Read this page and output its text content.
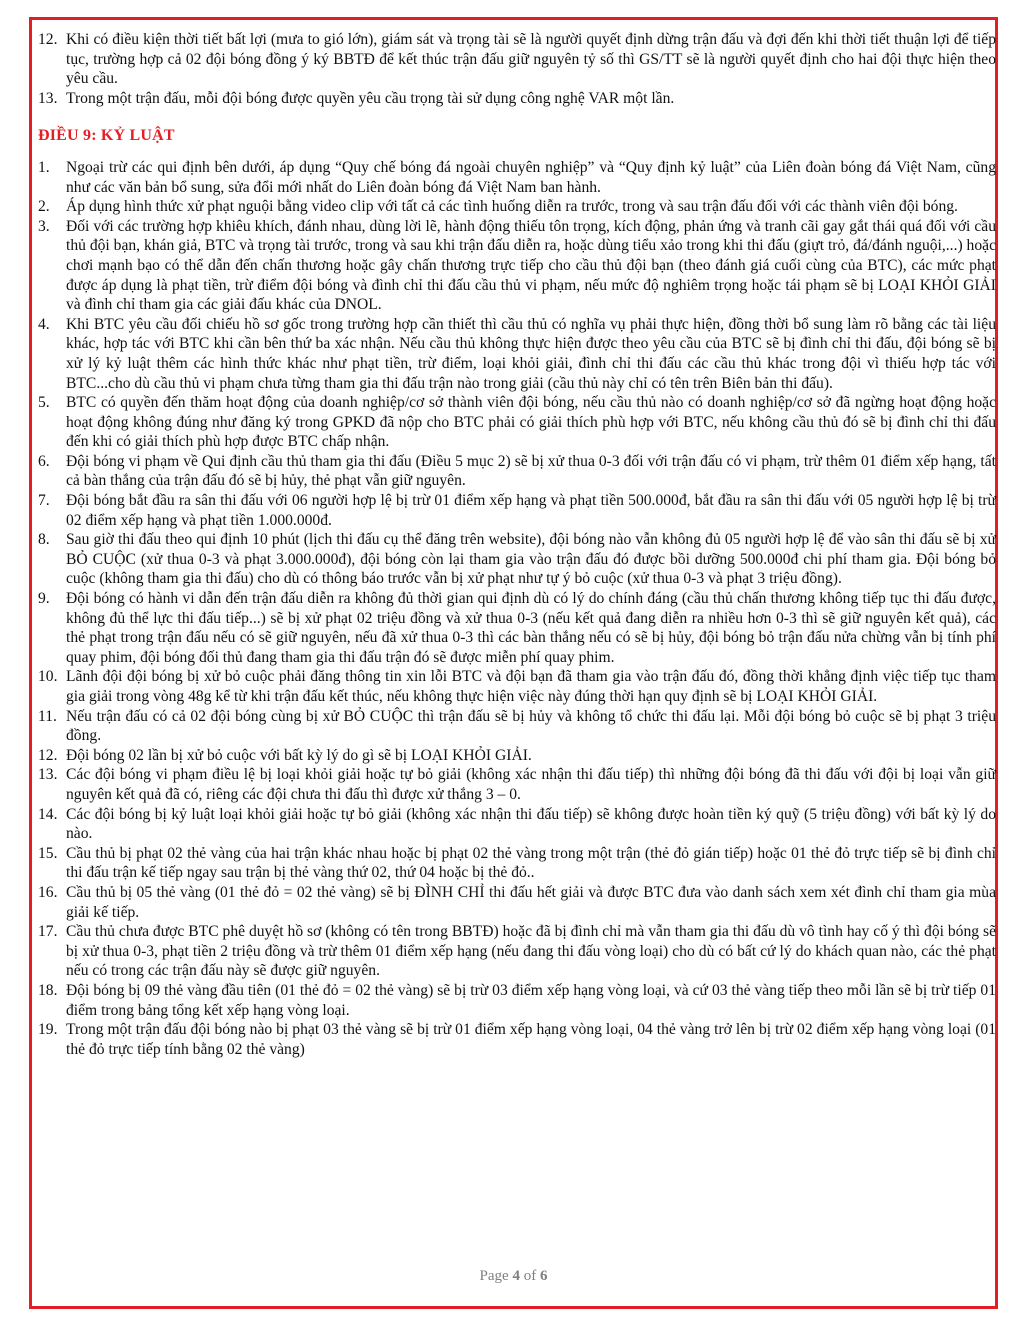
12. Khi có điều kiện thời tiết bất lợi (mưa to gió lớn), giám sát và trọng tài sẽ là người quyết định dừng trận đấu và đợi đến khi thời tiết thuận lợi để tiếp tục, trường hợp cả 02 đội bóng đồng ý ký BBTĐ để kết thúc trận đấu giữ nguyên tỷ số thì GS/TT sẽ là người quyết định cho hai đội thực hiện theo yêu cầu.
13. Trong một trận đấu, mỗi đội bóng được quyền yêu cầu trọng tài sử dụng công nghệ VAR một lần.
ĐIỀU 9: KỶ LUẬT
1.	Ngoại trừ các qui định bên dưới, áp dụng “Quy chế bóng đá ngoài chuyên nghiệp” và “Quy định kỷ luật” của Liên đoàn bóng đá Việt Nam, cũng như các văn bản bổ sung, sửa đổi mới nhất do Liên đoàn bóng đá Việt Nam ban hành.
2.	Áp dụng hình thức xử phạt nguội bằng video clip với tất cả các tình huống diễn ra trước, trong và sau trận đấu đối với các thành viên đội bóng.
3.	Đối với các trường hợp khiêu khích, đánh nhau, dùng lời lẽ, hành động thiếu tôn trọng, kích động, phản ứng và tranh cãi gay gắt thái quá đối với cầu thủ đội bạn, khán giả, BTC và trọng tài trước, trong và sau khi trận đấu diễn ra, hoặc dùng tiểu xảo trong khi thi đấu (giựt trỏ, đá/đánh nguội,...) hoặc chơi mạnh bạo có thể dẫn đến chấn thương hoặc gây chấn thương trực tiếp cho cầu thủ đội bạn (theo đánh giá cuối cùng của BTC), các mức phạt được áp dụng là phạt tiền, trừ điểm đội bóng và đình chỉ thi đấu cầu thủ vi phạm, nếu mức độ nghiêm trọng hoặc tái phạm sẽ bị LOẠI KHỎI GIẢI và đình chỉ tham gia các giải đấu khác của DNOL.
4.	Khi BTC yêu cầu đối chiếu hồ sơ gốc trong trường hợp cần thiết thì cầu thủ có nghĩa vụ phải thực hiện, đồng thời bổ sung làm rõ bằng các tài liệu khác, hợp tác với BTC khi cần bên thứ ba xác nhận. Nếu cầu thủ không thực hiện được theo yêu cầu của BTC sẽ bị đình chỉ thi đấu, đội bóng sẽ bị xử lý kỷ luật thêm các hình thức khác như phạt tiền, trừ điểm, loại khỏi giải, đình chỉ thi đấu các cầu thủ khác trong đội vì thiếu hợp tác với BTC...cho dù cầu thủ vi phạm chưa từng tham gia thi đấu trận nào trong giải (cầu thủ này chỉ có tên trên Biên bản thi đấu).
5.	BTC có quyền đến thăm hoạt động của doanh nghiệp/cơ sở thành viên đội bóng, nếu cầu thủ nào có doanh nghiệp/cơ sở đã ngừng hoạt động hoặc hoạt động không đúng như đăng ký trong GPKD đã nộp cho BTC phải có giải thích phù hợp với BTC, nếu không cầu thủ đó sẽ bị đình chỉ thi đấu đến khi có giải thích phù hợp được BTC chấp nhận.
6.	Đội bóng vi phạm về Qui định cầu thủ tham gia thi đấu (Điều 5 mục 2) sẽ bị xử thua 0-3 đối với trận đấu có vi phạm, trừ thêm 01 điểm xếp hạng, tất cả bàn thắng của trận đấu đó sẽ bị hủy, thẻ phạt vẫn giữ nguyên.
7.	Đội bóng bắt đầu ra sân thi đấu với 06 người hợp lệ bị trừ 01 điểm xếp hạng và phạt tiền 500.000đ, bắt đầu ra sân thi đấu với 05 người hợp lệ bị trừ 02 điểm xếp hạng và phạt tiền 1.000.000đ.
8.	Sau giờ thi đấu theo qui định 10 phút (lịch thi đấu cụ thể đăng trên website), đội bóng nào vẫn không đủ 05 người hợp lệ để vào sân thi đấu sẽ bị xử BỎ CUỘC (xử thua 0-3 và phạt 3.000.000đ), đội bóng còn lại tham gia vào trận đấu đó được bồi dưỡng 500.000đ chi phí tham gia. Đội bóng bỏ cuộc (không tham gia thi đấu) cho dù có thông báo trước vẫn bị xử phạt như tự ý bỏ cuộc (xử thua 0-3 và phạt 3 triệu đồng).
9.	Đội bóng có hành vi dẫn đến trận đấu diễn ra không đủ thời gian qui định dù có lý do chính đáng (cầu thủ chấn thương không tiếp tục thi đấu được, không đủ thể lực thi đấu tiếp...) sẽ bị xử phạt 02 triệu đồng và xử thua 0-3 (nếu kết quả đang diễn ra nhiều hơn 0-3 thì sẽ giữ nguyên kết quả), các thẻ phạt trong trận đấu nếu có sẽ giữ nguyên, nếu đã xử thua 0-3 thì các bàn thắng nếu có sẽ bị hủy, đội bóng bỏ trận đấu nửa chừng vẫn bị tính phí quay phim, đội bóng đối thủ đang tham gia thi đấu trận đó sẽ được miễn phí quay phim.
10. Lãnh đội đội bóng bị xử bỏ cuộc phải đăng thông tin xin lỗi BTC và đội bạn đã tham gia vào trận đấu đó, đồng thời khẳng định việc tiếp tục tham gia giải trong vòng 48g kể từ khi trận đấu kết thúc, nếu không thực hiện việc này đúng thời hạn quy định sẽ bị LOẠI KHỎI GIẢI.
11. Nếu trận đấu có cả 02 đội bóng cùng bị xử BỎ CUỘC thì trận đấu sẽ bị hủy và không tổ chức thi đấu lại. Mỗi đội bóng bỏ cuộc sẽ bị phạt 3 triệu đồng.
12. Đội bóng 02 lần bị xử bỏ cuộc với bất kỳ lý do gì sẽ bị LOẠI KHỎI GIẢI.
13. Các đội bóng vi phạm điều lệ bị loại khỏi giải hoặc tự bỏ giải (không xác nhận thi đấu tiếp) thì những đội bóng đã thi đấu với đội bị loại vẫn giữ nguyên kết quả đã có, riêng các đội chưa thi đấu thì được xử thắng 3 – 0.
14. Các đội bóng bị kỷ luật loại khỏi giải hoặc tự bỏ giải (không xác nhận thi đấu tiếp) sẽ không được hoàn tiền ký quỹ (5 triệu đồng) với bất kỳ lý do nào.
15. Cầu thủ bị phạt 02 thẻ vàng của hai trận khác nhau hoặc bị phạt 02 thẻ vàng trong một trận (thẻ đỏ gián tiếp) hoặc 01 thẻ đỏ trực tiếp sẽ bị đình chỉ thi đấu trận kế tiếp ngay sau trận bị thẻ vàng thứ 02, thứ 04 hoặc bị thẻ đỏ..
16. Cầu thủ bị 05 thẻ vàng (01 thẻ đỏ = 02 thẻ vàng) sẽ bị ĐÌNH CHỈ thi đấu hết giải và được BTC đưa vào danh sách xem xét đình chỉ tham gia mùa giải kế tiếp.
17. Cầu thủ chưa được BTC phê duyệt hồ sơ (không có tên trong BBTĐ) hoặc đã bị đình chỉ mà vẫn tham gia thi đấu dù vô tình hay cố ý thì đội bóng sẽ bị xử thua 0-3, phạt tiền 2 triệu đồng và trừ thêm 01 điểm xếp hạng (nếu đang thi đấu vòng loại) cho dù có bất cứ lý do khách quan nào, các thẻ phạt nếu có trong các trận đấu này sẽ được giữ nguyên.
18. Đội bóng bị 09 thẻ vàng đầu tiên (01 thẻ đỏ = 02 thẻ vàng) sẽ bị trừ 03 điểm xếp hạng vòng loại, và cứ 03 thẻ vàng tiếp theo mỗi lần sẽ bị trừ tiếp 01 điểm trong bảng tổng kết xếp hạng vòng loại.
19. Trong một trận đấu đội bóng nào bị phạt 03 thẻ vàng sẽ bị trừ 01 điểm xếp hạng vòng loại, 04 thẻ vàng trở lên bị trừ 02 điểm xếp hạng vòng loại (01 thẻ đỏ trực tiếp tính bằng 02 thẻ vàng)
Page 4 of 6
